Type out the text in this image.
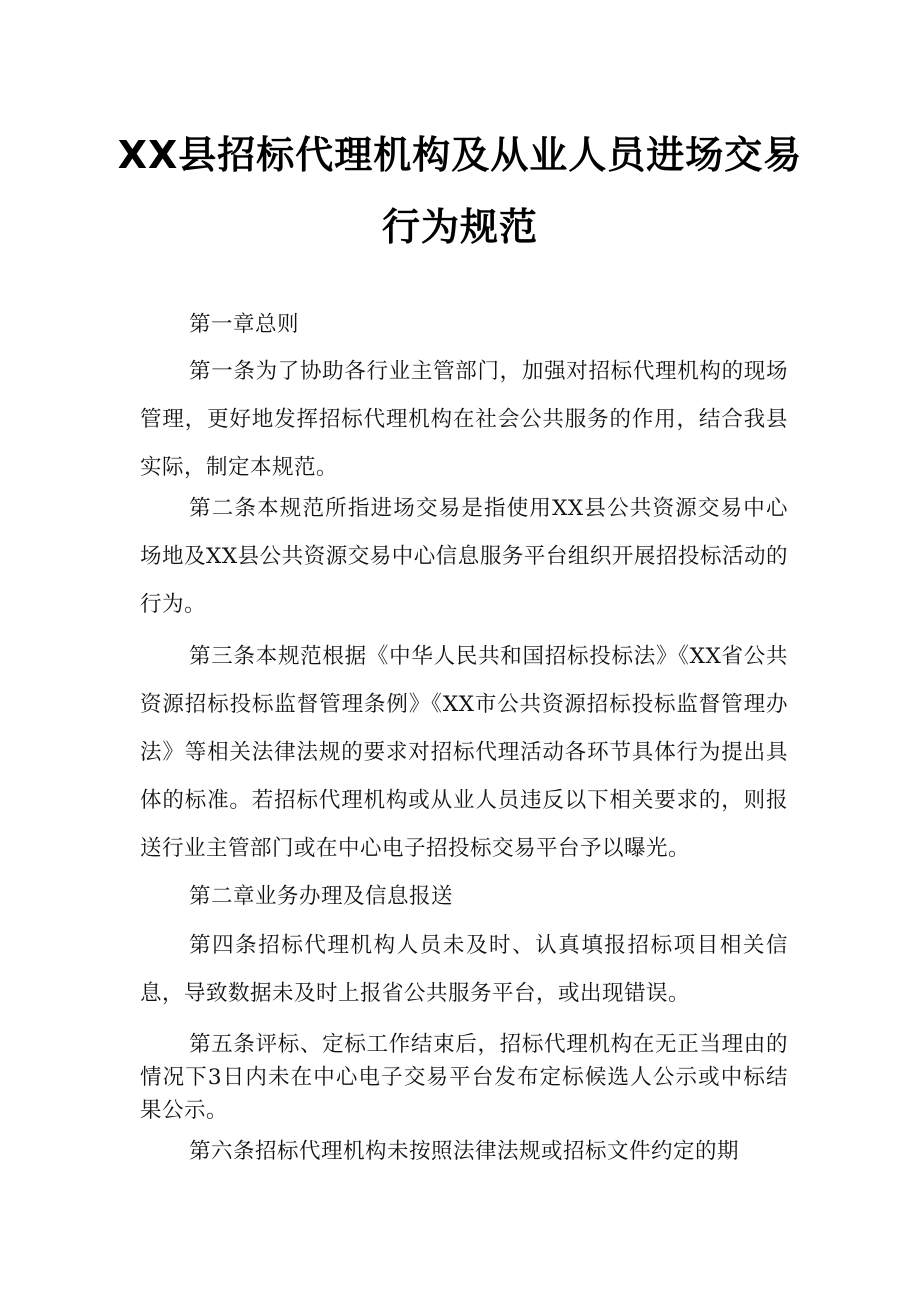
XX县招标代理机构及从业人员进场交易
行为规范

第一章总则

第一条为了协助各行业主管部门，加强对招标代理机构的现场管理，更好地发挥招标代理机构在社会公共服务的作用，结合我县实际，制定本规范。

第二条本规范所指进场交易是指使用XX县公共资源交易中心场地及XX县公共资源交易中心信息服务平台组织开展招投标活动的行为。

第三条本规范根据《中华人民共和国招标投标法》《XX省公共资源招标投标监督管理条例》《XX市公共资源招标投标监督管理办法》等相关法律法规的要求对招标代理活动各环节具体行为提出具体的标准。若招标代理机构或从业人员违反以下相关要求的，则报送行业主管部门或在中心电子招投标交易平台予以曝光。

第二章业务办理及信息报送

第四条招标代理机构人员未及时、认真填报招标项目相关信息，导致数据未及时上报省公共服务平台，或出现错误。

第五条评标、定标工作结束后，招标代理机构在无正当理由的情况下3日内未在中心电子交易平台发布定标候选人公示或中标结果公示。

第六条招标代理机构未按照法律法规或招标文件约定的期
